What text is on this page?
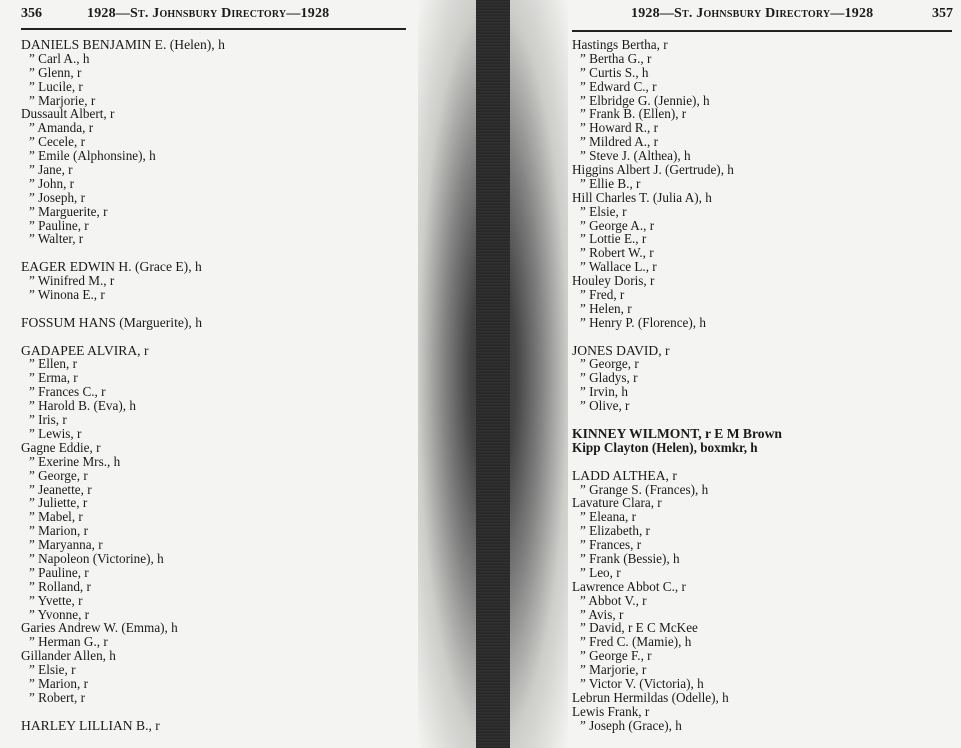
356	1928—St. Johnsbury Directory—1928
DANIELS BENJAMIN E. (Helen), h
” Carl A., h
” Glenn, r
” Lucile, r
” Marjorie, r
Dussault Albert, r
” Amanda, r
” Cecele, r
” Emile (Alphonsine), h
” Jane, r
” John, r
” Joseph, r
” Marguerite, r
” Pauline, r
” Walter, r
EAGER EDWIN H. (Grace E), h
” Winifred M., r
” Winona E., r
FOSSUM HANS (Marguerite), h
GADAPEE ALVIRA, r
” Ellen, r
” Erma, r
” Frances C., r
” Harold B. (Eva), h
” Iris, r
” Lewis, r
Gagne Eddie, r
” Exerine Mrs., h
” George, r
” Jeanette, r
” Juliette, r
” Mabel, r
” Marion, r
” Maryanna, r
” Napoleon (Victorine), h
” Pauline, r
” Rolland, r
” Yvette, r
” Yvonne, r
Garies Andrew W. (Emma), h
” Herman G., r
Gillander Allen, h
” Elsie, r
” Marion, r
” Robert, r
HARLEY LILLIAN B., r
1928—St. Johnsbury Directory—1928	357
Hastings Bertha, r
” Bertha G., r
” Curtis S., h
” Edward C., r
” Elbridge G. (Jennie), h
” Frank B. (Ellen), r
” Howard R., r
” Mildred A., r
” Steve J. (Althea), h
Higgins Albert J. (Gertrude), h
” Ellie B., r
Hill Charles T. (Julia A), h
” Elsie, r
” George A., r
” Lottie E., r
” Robert W., r
” Wallace L., r
Houley Doris, r
” Fred, r
” Helen, r
” Henry P. (Florence), h
JONES DAVID, r
” George, r
” Gladys, r
” Irvin, h
” Olive, r
KINNEY WILMONT, r E M Brown
Kipp Clayton (Helen), boxmkr, h
LADD ALTHEA, r
” Grange S. (Frances), h
Lavature Clara, r
” Eleana, r
” Elizabeth, r
” Frances, r
” Frank (Bessie), h
” Leo, r
Lawrence Abbot C., r
” Abbot V., r
” Avis, r
” David, r E C McKee
” Fred C. (Mamie), h
” George F., r
” Marjorie, r
” Victor V. (Victoria), h
Lebrun Hermildas (Odelle), h
Lewis Frank, r
” Joseph (Grace), h
